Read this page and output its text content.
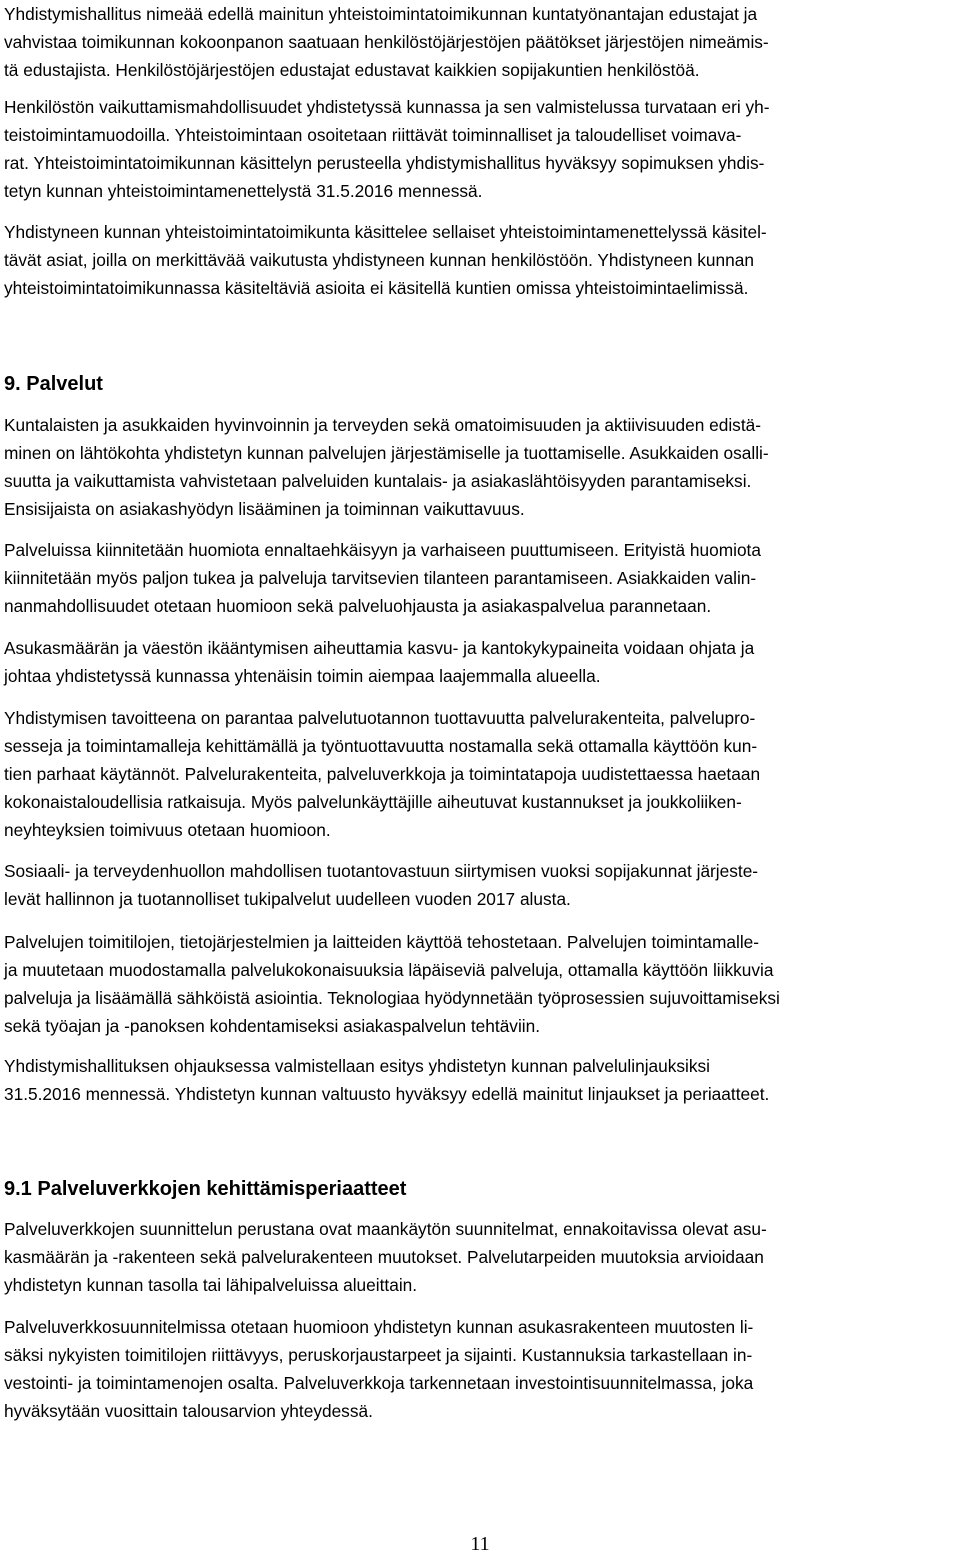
Yhdistymishallitus nimeää edellä mainitun yhteistoimintatoimikunnan kuntatyönantajan edustajat ja
vahvistaa toimikunnan kokoonpanon saatuaan henkilöstöjärjestöjen päätökset järjestöjen nimeämis-
tä edustajista. Henkilöstöjärjestöjen edustajat edustavat kaikkien sopijakuntien henkilöstöä.
Henkilöstön vaikuttamismahdollisuudet yhdistetyssä kunnassa ja sen valmistelussa turvataan eri yh-
teistoimintamuodoilla. Yhteistoimintaan osoitetaan riittävät toiminnalliset ja taloudelliset voimava-
rat. Yhteistoimintatoimikunnan käsittelyn perusteella yhdistymishallitus hyväksyy sopimuksen yhdis-
tetyn kunnan yhteistoimintamenettelystä 31.5.2016 mennessä.
Yhdistyneen kunnan yhteistoimintatoimikunta käsittelee sellaiset yhteistoimintamenettelyssä käsitel-
tävät asiat, joilla on merkittävää vaikutusta yhdistyneen kunnan henkilöstöön. Yhdistyneen kunnan
yhteistoimintatoimikunnassa käsiteltäviä asioita ei käsitellä kuntien omissa yhteistoimintaelimissä.
9. Palvelut
Kuntalaisten ja asukkaiden hyvinvoinnin ja terveyden sekä omatoimisuuden ja aktiivisuuden edistä-
minen on lähtökohta yhdistetyn kunnan palvelujen järjestämiselle ja tuottamiselle. Asukkaiden osalli-
suutta ja vaikuttamista vahvistetaan palveluiden kuntalais- ja asiakaslähtöisyyden parantamiseksi.
Ensisijaista on asiakashyödyn lisääminen ja toiminnan vaikuttavuus.
Palveluissa kiinnitetään huomiota ennaltaehkäisyyn ja varhaiseen puuttumiseen. Erityistä huomiota
kiinnitetään myös paljon tukea ja palveluja tarvitsevien tilanteen parantamiseen. Asiakkaiden valin-
nanmahdollisuudet otetaan huomioon sekä palveluohjausta ja asiakaspalvelua parannetaan.
Asukasmäärän ja väestön ikääntymisen aiheuttamia kasvu- ja kantokykypaineita voidaan ohjata ja
johtaa yhdistetyssä kunnassa yhtenäisin toimin aiempaa laajemmalla alueella.
Yhdistymisen tavoitteena on parantaa palvelutuotannon tuottavuutta palvelurakenteita, palvelupro-
sesseja ja toimintamalleja kehittämällä ja työntuottavuutta nostamalla sekä ottamalla käyttöön kun-
tien parhaat käytännöt. Palvelurakenteita, palveluverkkoja ja toimintatapoja uudistettaessa haetaan
kokonaistaloudellisia ratkaisuja. Myös palvelunkäyttäjille aiheutuvat kustannukset ja joukkoliiken-
neyhteyksien toimivuus otetaan huomioon.
Sosiaali- ja terveydenhuollon mahdollisen tuotantovastuun siirtymisen vuoksi sopijakunnat järjeste-
levät hallinnon ja tuotannolliset tukipalvelut uudelleen vuoden 2017 alusta.
Palvelujen toimitilojen, tietojärjestelmien ja laitteiden käyttöä tehostetaan. Palvelujen toimintamalle-
ja muutetaan muodostamalla palvelukokonaisuuksia läpäiseviä palveluja, ottamalla käyttöön liikkuvia
palveluja ja lisäämällä sähköistä asiointia. Teknologiaa hyödynnetään työprosessien sujuvoittamiseksi
sekä työajan ja -panoksen kohdentamiseksi asiakaspalvelun tehtäviin.
Yhdistymishallituksen ohjauksessa valmistellaan esitys yhdistetyn kunnan palvelulinjauksiksi
31.5.2016 mennessä. Yhdistetyn kunnan valtuusto hyväksyy edellä mainitut linjaukset ja periaatteet.
9.1 Palveluverkkojen kehittämisperiaatteet
Palveluverkkojen suunnittelun perustana ovat maankäytön suunnitelmat, ennakoitavissa olevat asu-
kasmäärän ja -rakenteen sekä palvelurakenteen muutokset. Palvelutarpeiden muutoksia arvioidaan
yhdistetyn kunnan tasolla tai lähipalveluissa alueittain.
Palveluverkkosuunnitelmissa otetaan huomioon yhdistetyn kunnan asukasrakenteen muutosten li-
säksi nykyisten toimitilojen riittävyys, peruskorjaustarpeet ja sijainti. Kustannuksia tarkastellaan in-
vestointi- ja toimintamenojen osalta. Palveluverkkoja tarkennetaan investointisuunnitelmassa, joka
hyväksytään vuosittain talousarvion yhteydessä.
11
